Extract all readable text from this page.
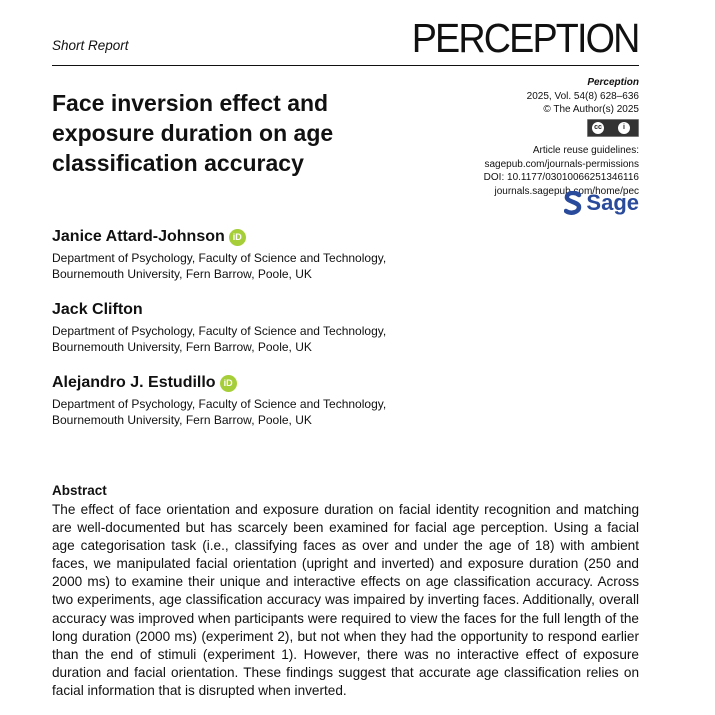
Short Report	PERCEPTION
Perception
2025, Vol. 54(8) 628–636
© The Author(s) 2025
cc	i
Article reuse guidelines:
sagepub.com/journals-permissions
DOI: 10.1177/03010066251346116
journals.sagepub.com/home/pec
Sage
Face inversion effect and exposure duration on age classification accuracy
Janice Attard-Johnson iD
Department of Psychology, Faculty of Science and Technology,
Bournemouth University, Fern Barrow, Poole, UK
Jack Clifton
Department of Psychology, Faculty of Science and Technology,
Bournemouth University, Fern Barrow, Poole, UK
Alejandro J. Estudillo iD
Department of Psychology, Faculty of Science and Technology,
Bournemouth University, Fern Barrow, Poole, UK
Abstract
The effect of face orientation and exposure duration on facial identity recognition and matching are well-documented but has scarcely been examined for facial age perception. Using a facial age categorisation task (i.e., classifying faces as over and under the age of 18) with ambient faces, we manipulated facial orientation (upright and inverted) and exposure duration (250 and 2000 ms) to examine their unique and interactive effects on age classification accuracy. Across two experiments, age classification accuracy was impaired by inverting faces. Additionally, overall accuracy was improved when participants were required to view the faces for the full length of the long duration (2000 ms) (experiment 2), but not when they had the opportunity to respond earlier than the end of stimuli (experiment 1). However, there was no interactive effect of exposure duration and facial orientation. These findings suggest that accurate age classification relies on facial information that is disrupted when inverted.
